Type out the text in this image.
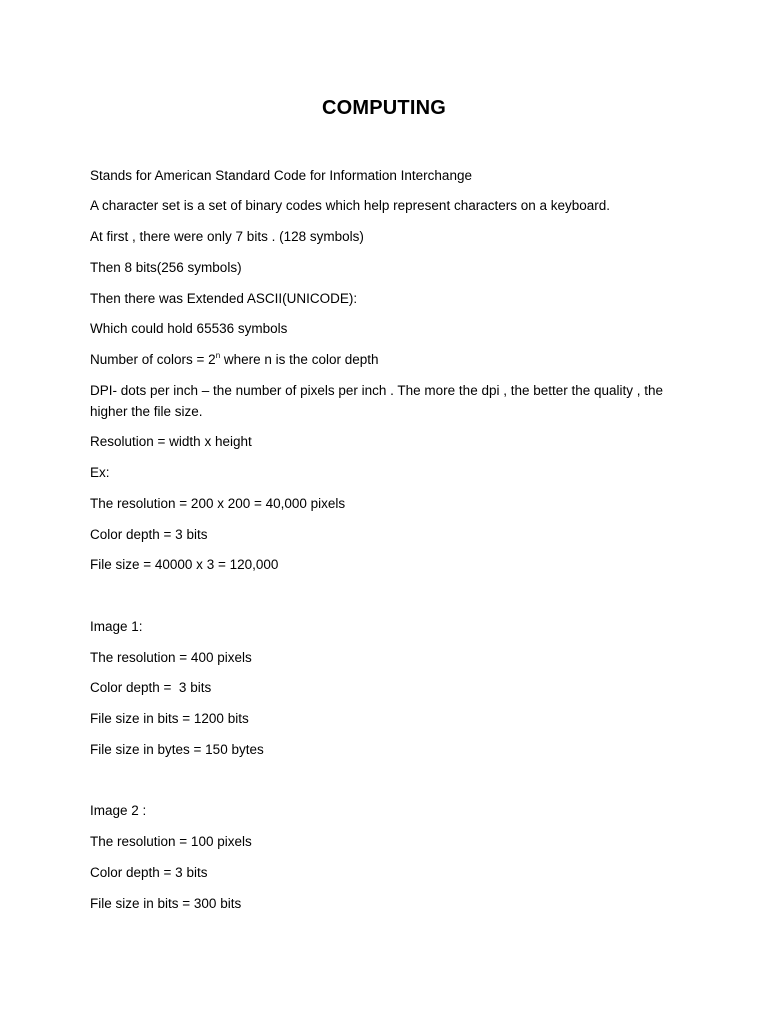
COMPUTING
Stands for American Standard Code for Information Interchange
A character set is a set of binary codes which help represent characters on a keyboard.
At first , there were only 7 bits . (128 symbols)
Then 8 bits(256 symbols)
Then there was Extended ASCII(UNICODE):
Which could hold 65536 symbols
Number of colors = $2^n$ where n is the color depth
DPI- dots per inch – the number of pixels per inch . The more the dpi , the better the quality , the higher the file size.
Resolution = width x height
Ex:
The resolution = 200 x 200 = 40,000 pixels
Color depth = 3 bits
File size = 40000 x 3 = 120,000
Image 1:
The resolution = 400 pixels
Color depth =  3 bits
File size in bits = 1200 bits
File size in bytes = 150 bytes
Image 2 :
The resolution = 100 pixels
Color depth = 3 bits
File size in bits = 300 bits
